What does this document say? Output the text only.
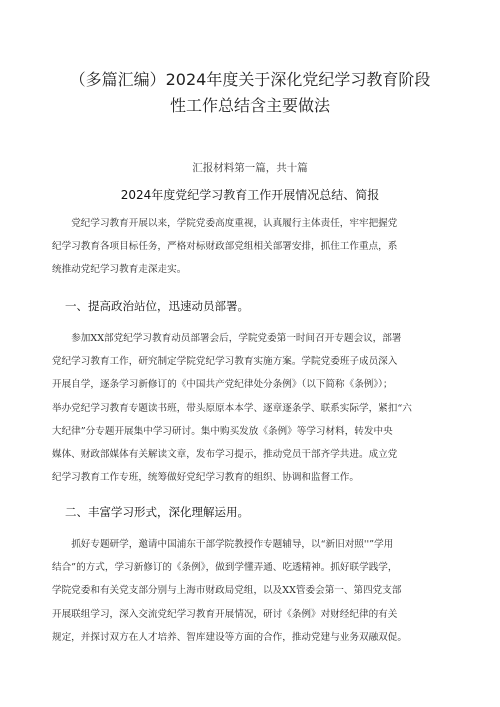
（多篇汇编）2024年度关于深化党纪学习教育阶段
性工作总结含主要做法
汇报材料第一篇，共十篇
2024年度党纪学习教育工作开展情况总结、简报
党纪学习教育开展以来，学院党委高度重视，认真履行主体责任，牢牢把握党
纪学习教育各项目标任务，严格对标财政部党组相关部署安排，抓住工作重点，系
统推动党纪学习教育走深走实。
一、提高政治站位，迅速动员部署。
参加XX部党纪学习教育动员部署会后，学院党委第一时间召开专题会议，部署
党纪学习教育工作，研究制定学院党纪学习教育实施方案。学院党委班子成员深入
开展自学，逐条学习新修订的《中国共产党纪律处分条例》（以下简称《条例》）；
举办党纪学习教育专题读书班，带头原原本本学、逐章逐条学、联系实际学，紧扣“六
大纪律”分专题开展集中学习研讨。集中购买发放《条例》等学习材料，转发中央
媒体、财政部媒体有关解读文章，发布学习提示，推动党员干部齐学共进。成立党
纪学习教育工作专班，统筹做好党纪学习教育的组织、协调和监督工作。
二、丰富学习形式，深化理解运用。
抓好专题研学，邀请中国浦东干部学院教授作专题辅导，以“新旧对照''”学用
结合”的方式，学习新修订的《条例》，做到学懂弄通、吃透精神。抓好联学践学，
学院党委和有关党支部分别与上海市财政局党组，以及XX管委会第一、第四党支部
开展联组学习，深入交流党纪学习教育开展情况，研讨《条例》对财经纪律的有关
规定，并探讨双方在人才培养、智库建设等方面的合作，推动党建与业务双融双促。
